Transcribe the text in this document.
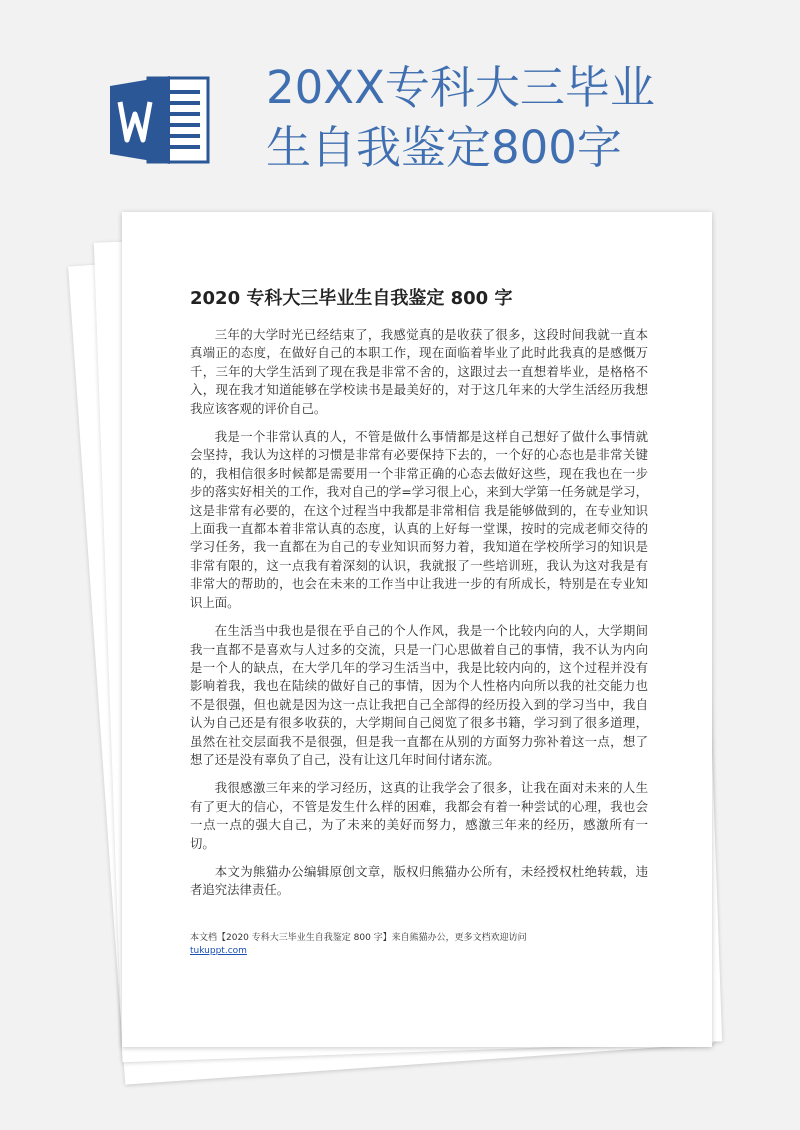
20XX专科大三毕业生自我鉴定800字
2020 专科大三毕业生自我鉴定 800 字

三年的大学时光已经结束了，我感觉真的是收获了很多，这段时间我就一直本真端正的态度，在做好自己的本职工作，现在面临着毕业了此时此我真的是感慨万千，三年的大学生活到了现在我是非常不舍的，这跟过去一直想着毕业，是格格不入，现在我才知道能够在学校读书是最美好的，对于这几年来的大学生活经历我想我应该客观的评价自己。

我是一个非常认真的人，不管是做什么事情都是这样自己想好了做什么事情就会坚持，我认为这样的习惯是非常有必要保持下去的，一个好的心态也是非常关键的，我相信很多时候都是需要用一个非常正确的心态去做好这些，现在我也在一步步的落实好相关的工作，我对自己的学=学习很上心，来到大学第一任务就是学习，这是非常有必要的，在这个过程当中我都是非常相信 我是能够做到的，在专业知识上面我一直都本着非常认真的态度，认真的上好每一堂课，按时的完成老师交待的学习任务，我一直都在为自己的专业知识而努力着，我知道在学校所学习的知识是非常有限的，这一点我有着深刻的认识，我就报了一些培训班，我认为这对我是有非常大的帮助的，也会在未来的工作当中让我进一步的有所成长，特别是在专业知识上面。

在生活当中我也是很在乎自己的个人作风，我是一个比较内向的人，大学期间我一直都不是喜欢与人过多的交流，只是一门心思做着自己的事情，我不认为内向是一个人的缺点，在大学几年的学习生活当中，我是比较内向的，这个过程并没有影响着我，我也在陆续的做好自己的事情，因为个人性格内向所以我的社交能力也不是很强，但也就是因为这一点让我把自己全部得的经历投入到的学习当中，我自认为自己还是有很多收获的，大学期间自己阅览了很多书籍，学习到了很多道理，虽然在社交层面我不是很强，但是我一直都在从别的方面努力弥补着这一点，想了想了还是没有辜负了自己，没有让这几年时间付诸东流。

我很感激三年来的学习经历，这真的让我学会了很多，让我在面对未来的人生有了更大的信心，不管是发生什么样的困难，我都会有着一种尝试的心理，我也会一点一点的强大自己，为了未来的美好而努力，感激三年来的经历，感激所有一切。

本文为熊猫办公编辑原创文章，版权归熊猫办公所有，未经授权杜绝转载，违者追究法律责任。

本文档【2020 专科大三毕业生自我鉴定 800 字】来自熊猫办公，更多文档欢迎访问
tukuppt.com
